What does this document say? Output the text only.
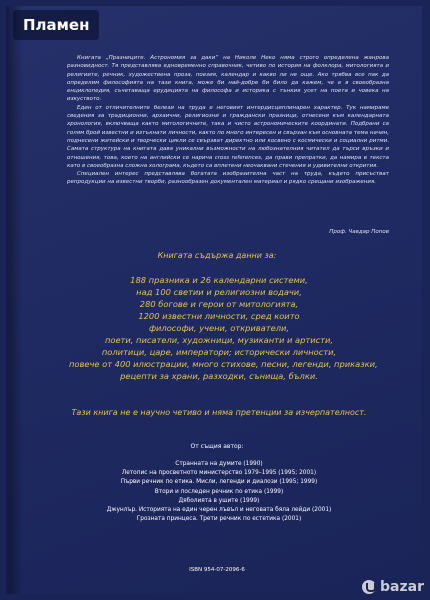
Пламен

Книгата „Празниците. Астрономия за даки“ на Николе Неко няма строго определена жанрова разновидност. Тя представлява едновременно справочник, четиво по история на фолклора, митологията и религиите, речник, художествена проза, поезия, календар и какво ли не още. Ако трябва все пак да определим философията на тази книга, може би най-добре би било да кажем, че е в своеобразна енциклопедия, съчетаваща ерудицията на философа и историка с тънкия усет на поета и човека на изкуството.

Един от отличителните белези на труда е неговият интердисциплинарен характер. Тук намираме сведения за традиционни, архаични, религиозни и граждански празници, отнесени към календарната хронология, включваща както митологичните, така и чисто астрономическите координати. Подбрани са голям брой известни и изтъкнати личности, както по много интересен и свързан към основната тема начин, поднесени житейски и творчески цикли се свързват директно или косвено с космически и социални ритми. Самата структура на книгата дава уникални възможности на любознателния читател да търси връзки и отношения, това, което на английски се нарича cross references, да прави препратки, да намира в текста като в своеобразна сложна холограма, където са вплетени неочаквани стечения и удивителни открития.

Специален интерес представлява богатата изобразителна част на труда, където присъстват репродукции на известни творби, разнообразен документален материал и рядко срещани изображения.

Проф. Чавдар Попов
Книгата съдържа данни за:
188 празника и 26 календарни системи,
над 100 светии и религиозни водачи,
280 богове и герои от митологията,
1200 известни личности, сред които
философи, учени, откриватели,
поети, писатели, художници, музиканти и артисти,
политици, царе, императори; исторически личности,
повече от 400 илюстрации, много стихове, песни, легенди, приказки,
рецепти за храни, разходки, сънища, бълки.
Тази книга не е научно четиво и няма претенции за изчерпателност.
От същия автор:
Странната на думите (1990)
Летопис на просветното министерство 1979–1995 (1995; 2001)
Първи речник по етика. Мисли, легенди и диалози (1995; 1999)
Втори и последен речник по етика (1999)
Дяболията в ушите (1999)
Джунлър. Историята на един черен лъвъл и неговата бяла лейди (2001)
Грозната принцеса. Трети речник по естетика (2001)
ISBN 954-07-2096-6
bazar
